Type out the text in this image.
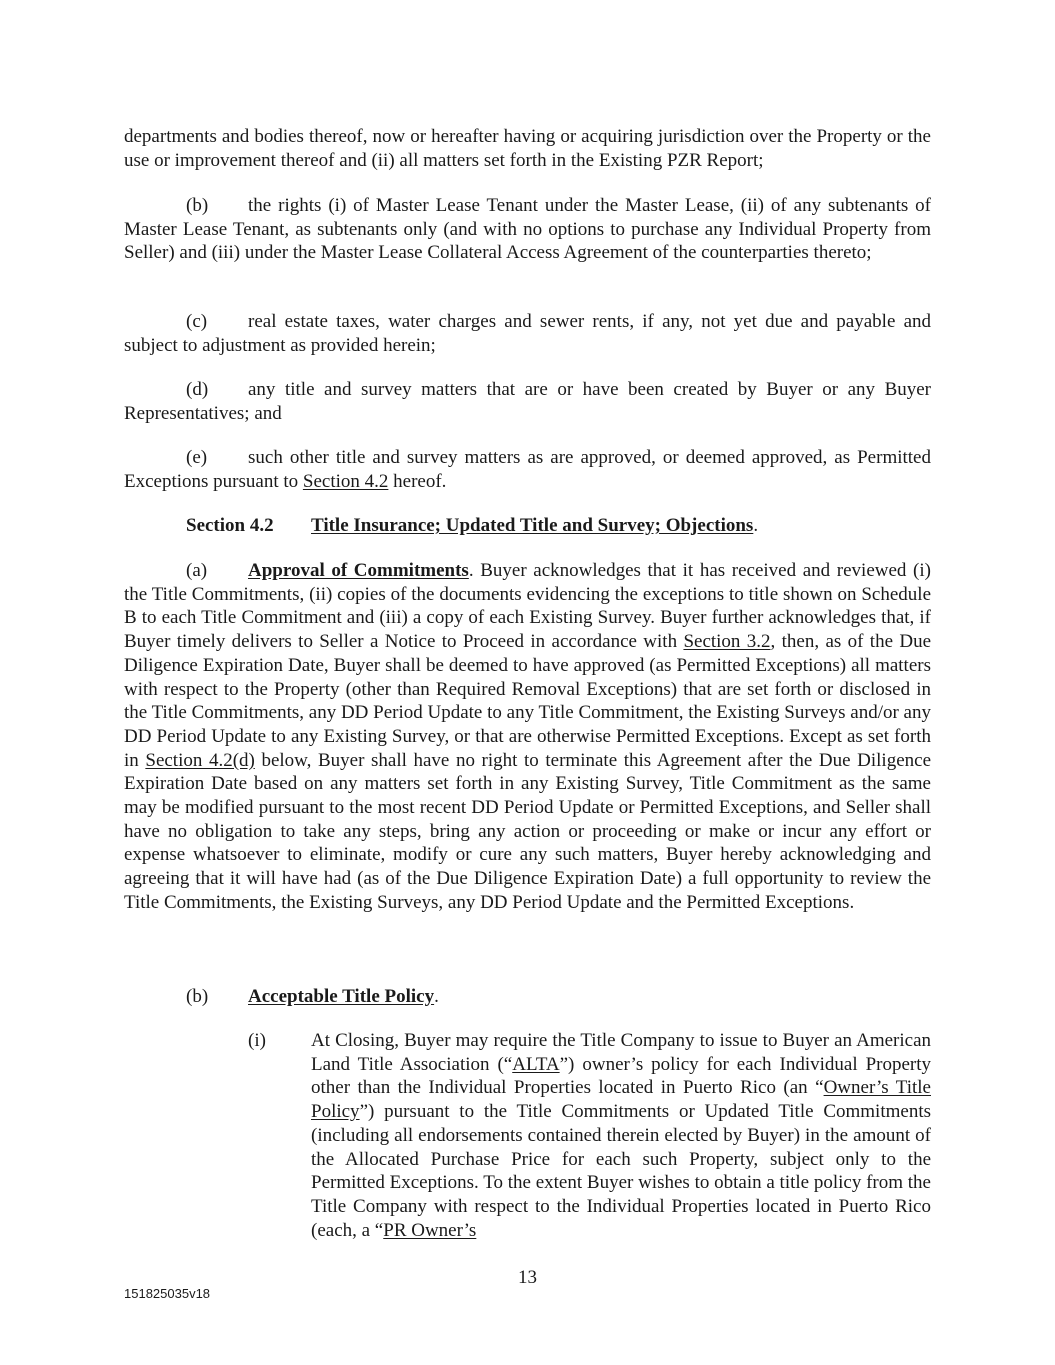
departments and bodies thereof, now or hereafter having or acquiring jurisdiction over the Property or the use or improvement thereof and (ii) all matters set forth in the Existing PZR Report;

(b) the rights (i) of Master Lease Tenant under the Master Lease, (ii) of any subtenants of Master Lease Tenant, as subtenants only (and with no options to purchase any Individual Property from Seller) and (iii) under the Master Lease Collateral Access Agreement of the counterparties thereto;

(c) real estate taxes, water charges and sewer rents, if any, not yet due and payable and subject to adjustment as provided herein;

(d) any title and survey matters that are or have been created by Buyer or any Buyer Representatives; and

(e) such other title and survey matters as are approved, or deemed approved, as Permitted Exceptions pursuant to Section 4.2 hereof.

Section 4.2 Title Insurance; Updated Title and Survey; Objections.

(a) Approval of Commitments. Buyer acknowledges that it has received and reviewed (i) the Title Commitments, (ii) copies of the documents evidencing the exceptions to title shown on Schedule B to each Title Commitment and (iii) a copy of each Existing Survey. Buyer further acknowledges that, if Buyer timely delivers to Seller a Notice to Proceed in accordance with Section 3.2, then, as of the Due Diligence Expiration Date, Buyer shall be deemed to have approved (as Permitted Exceptions) all matters with respect to the Property (other than Required Removal Exceptions) that are set forth or disclosed in the Title Commitments, any DD Period Update to any Title Commitment, the Existing Surveys and/or any DD Period Update to any Existing Survey, or that are otherwise Permitted Exceptions. Except as set forth in Section 4.2(d) below, Buyer shall have no right to terminate this Agreement after the Due Diligence Expiration Date based on any matters set forth in any Existing Survey, Title Commitment as the same may be modified pursuant to the most recent DD Period Update or Permitted Exceptions, and Seller shall have no obligation to take any steps, bring any action or proceeding or make or incur any effort or expense whatsoever to eliminate, modify or cure any such matters, Buyer hereby acknowledging and agreeing that it will have had (as of the Due Diligence Expiration Date) a full opportunity to review the Title Commitments, the Existing Surveys, any DD Period Update and the Permitted Exceptions.

(b) Acceptable Title Policy.

(i) At Closing, Buyer may require the Title Company to issue to Buyer an American Land Title Association (“ALTA”) owner’s policy for each Individual Property other than the Individual Properties located in Puerto Rico (an “Owner’s Title Policy”) pursuant to the Title Commitments or Updated Title Commitments (including all endorsements contained therein elected by Buyer) in the amount of the Allocated Purchase Price for each such Property, subject only to the Permitted Exceptions. To the extent Buyer wishes to obtain a title policy from the Title Company with respect to the Individual Properties located in Puerto Rico (each, a “PR Owner’s

13

151825035v18
